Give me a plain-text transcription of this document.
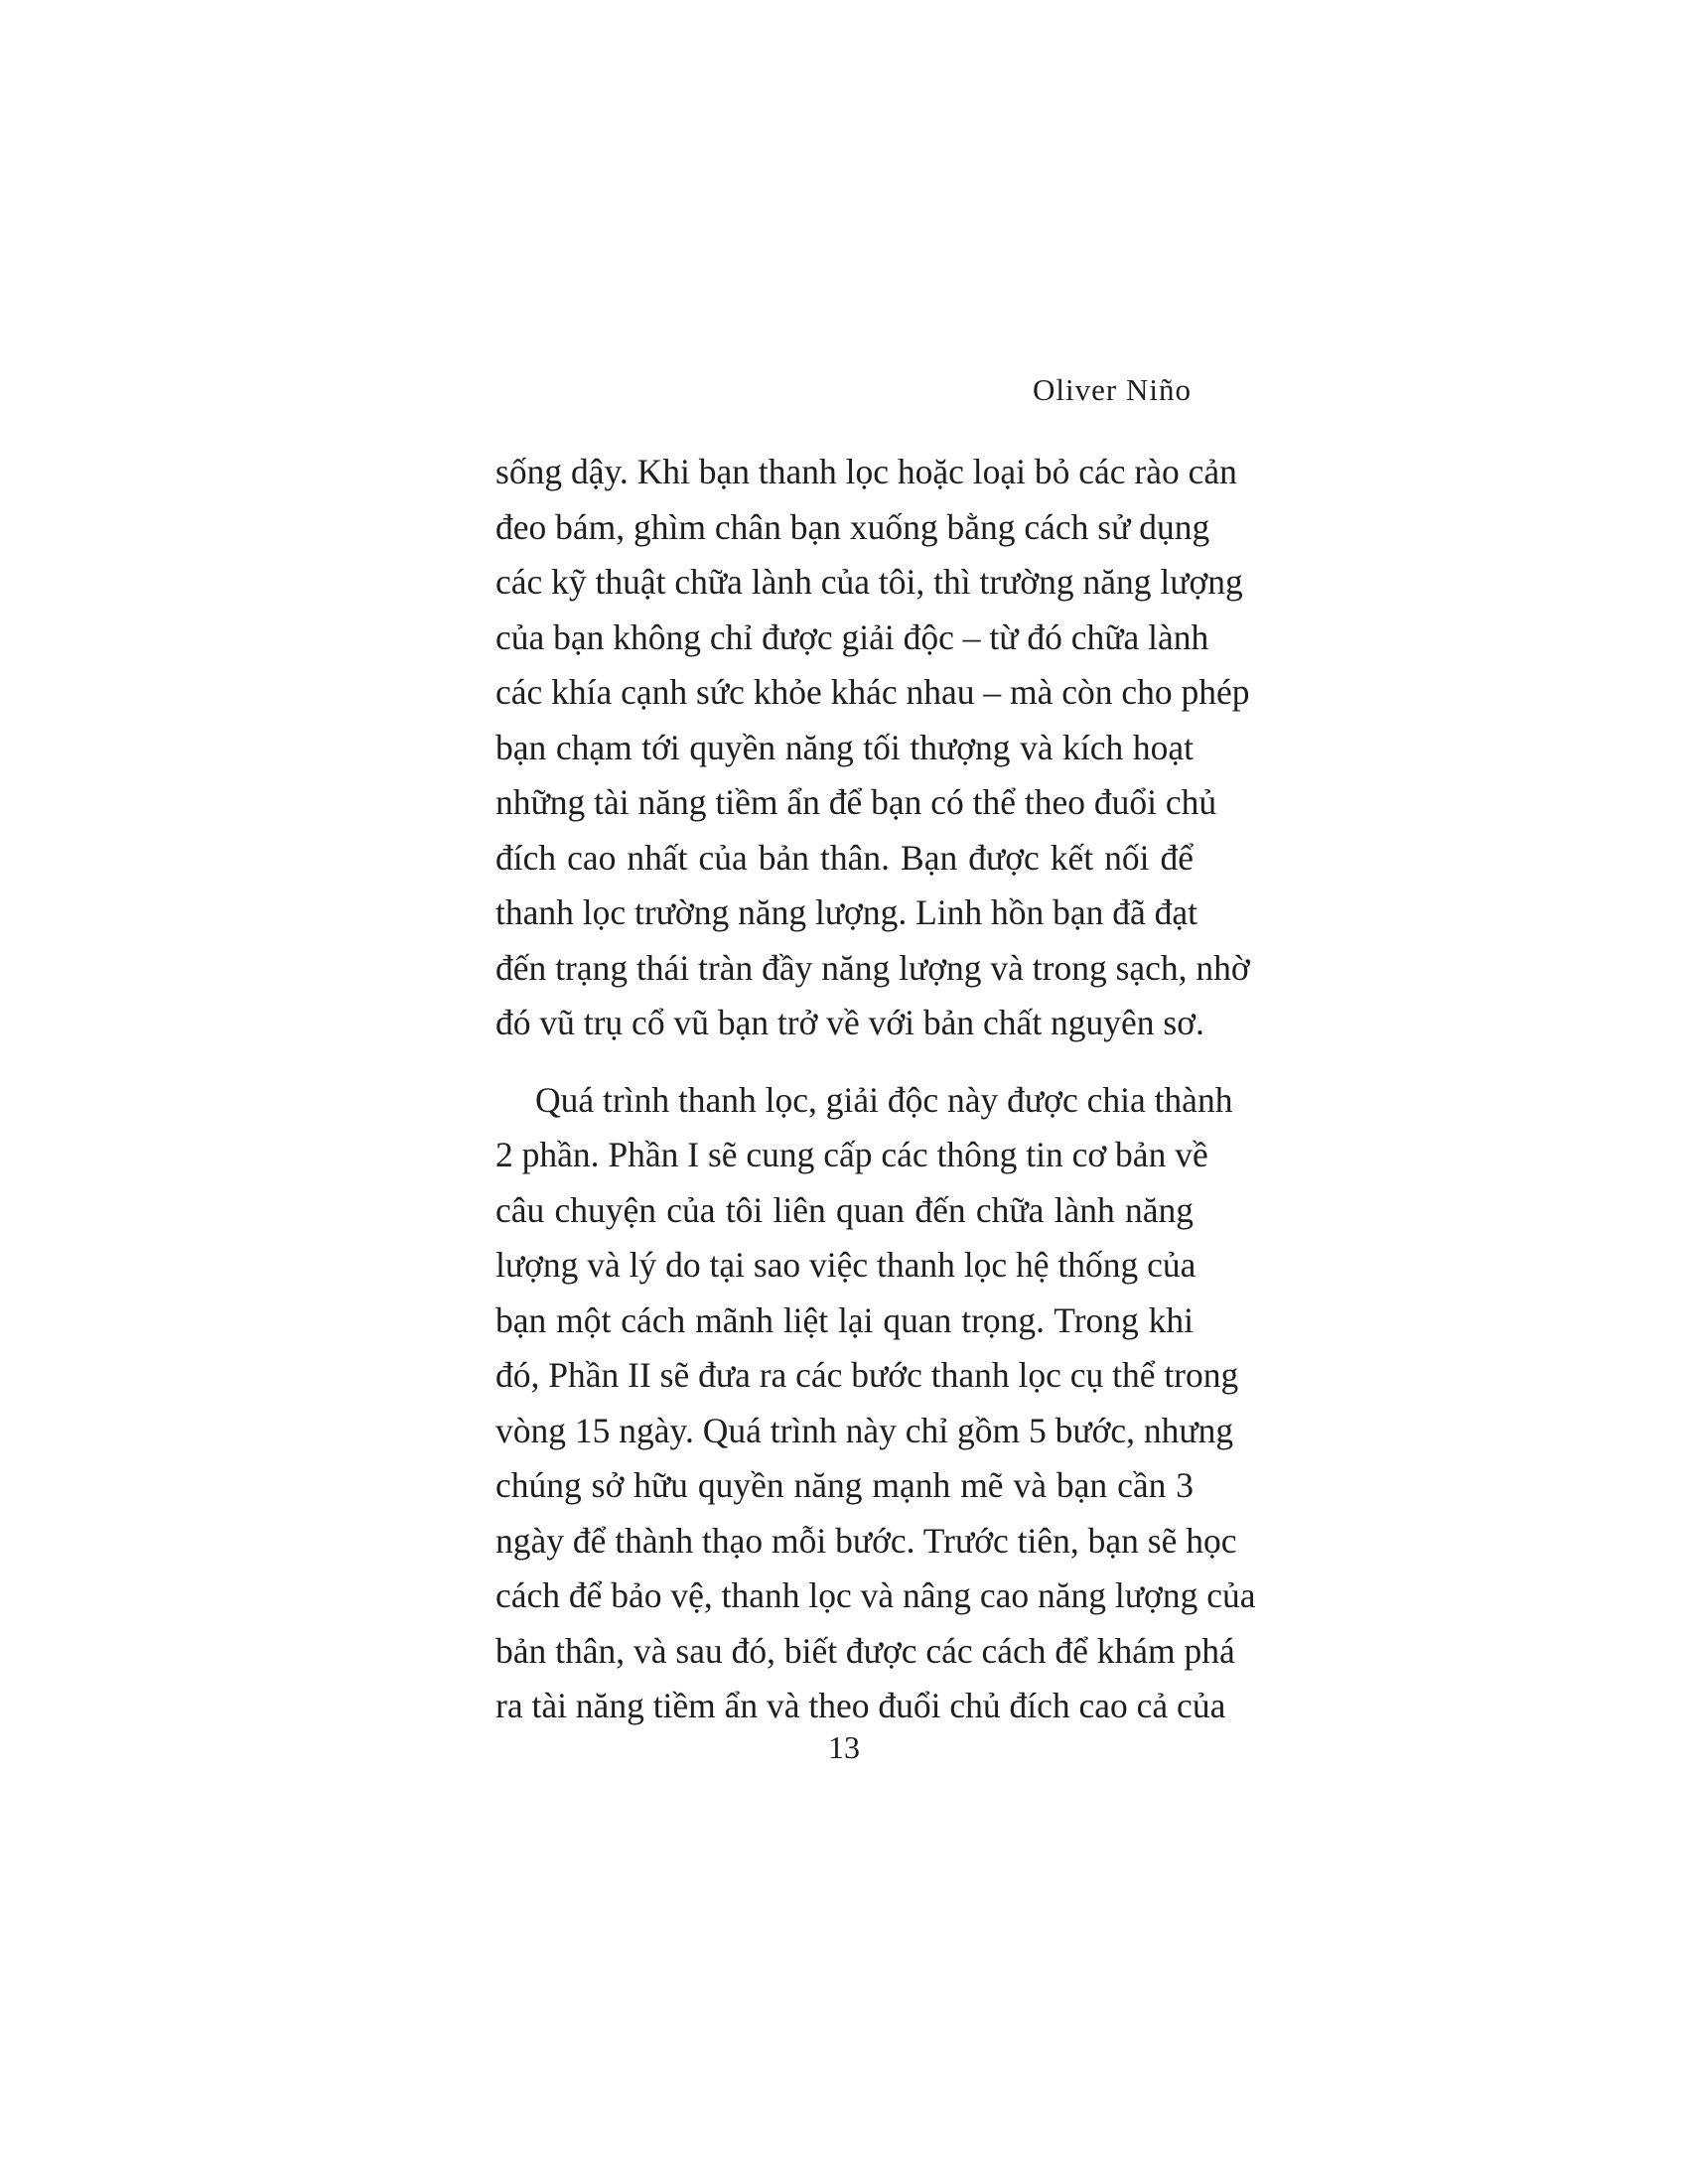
Oliver Niño
sống dậy. Khi bạn thanh lọc hoặc loại bỏ các rào cản
đeo bám, ghìm chân bạn xuống bằng cách sử dụng
các kỹ thuật chữa lành của tôi, thì trường năng lượng
của bạn không chỉ được giải độc – từ đó chữa lành
các khía cạnh sức khỏe khác nhau – mà còn cho phép
bạn chạm tới quyền năng tối thượng và kích hoạt
những tài năng tiềm ẩn để bạn có thể theo đuổi chủ
đích cao nhất của bản thân. Bạn được kết nối để
thanh lọc trường năng lượng. Linh hồn bạn đã đạt
đến trạng thái tràn đầy năng lượng và trong sạch, nhờ
đó vũ trụ cổ vũ bạn trở về với bản chất nguyên sơ.
Quá trình thanh lọc, giải độc này được chia thành
2 phần. Phần I sẽ cung cấp các thông tin cơ bản về
câu chuyện của tôi liên quan đến chữa lành năng
lượng và lý do tại sao việc thanh lọc hệ thống của
bạn một cách mãnh liệt lại quan trọng. Trong khi
đó, Phần II sẽ đưa ra các bước thanh lọc cụ thể trong
vòng 15 ngày. Quá trình này chỉ gồm 5 bước, nhưng
chúng sở hữu quyền năng mạnh mẽ và bạn cần 3
ngày để thành thạo mỗi bước. Trước tiên, bạn sẽ học
cách để bảo vệ, thanh lọc và nâng cao năng lượng của
bản thân, và sau đó, biết được các cách để khám phá
ra tài năng tiềm ẩn và theo đuổi chủ đích cao cả của
13
